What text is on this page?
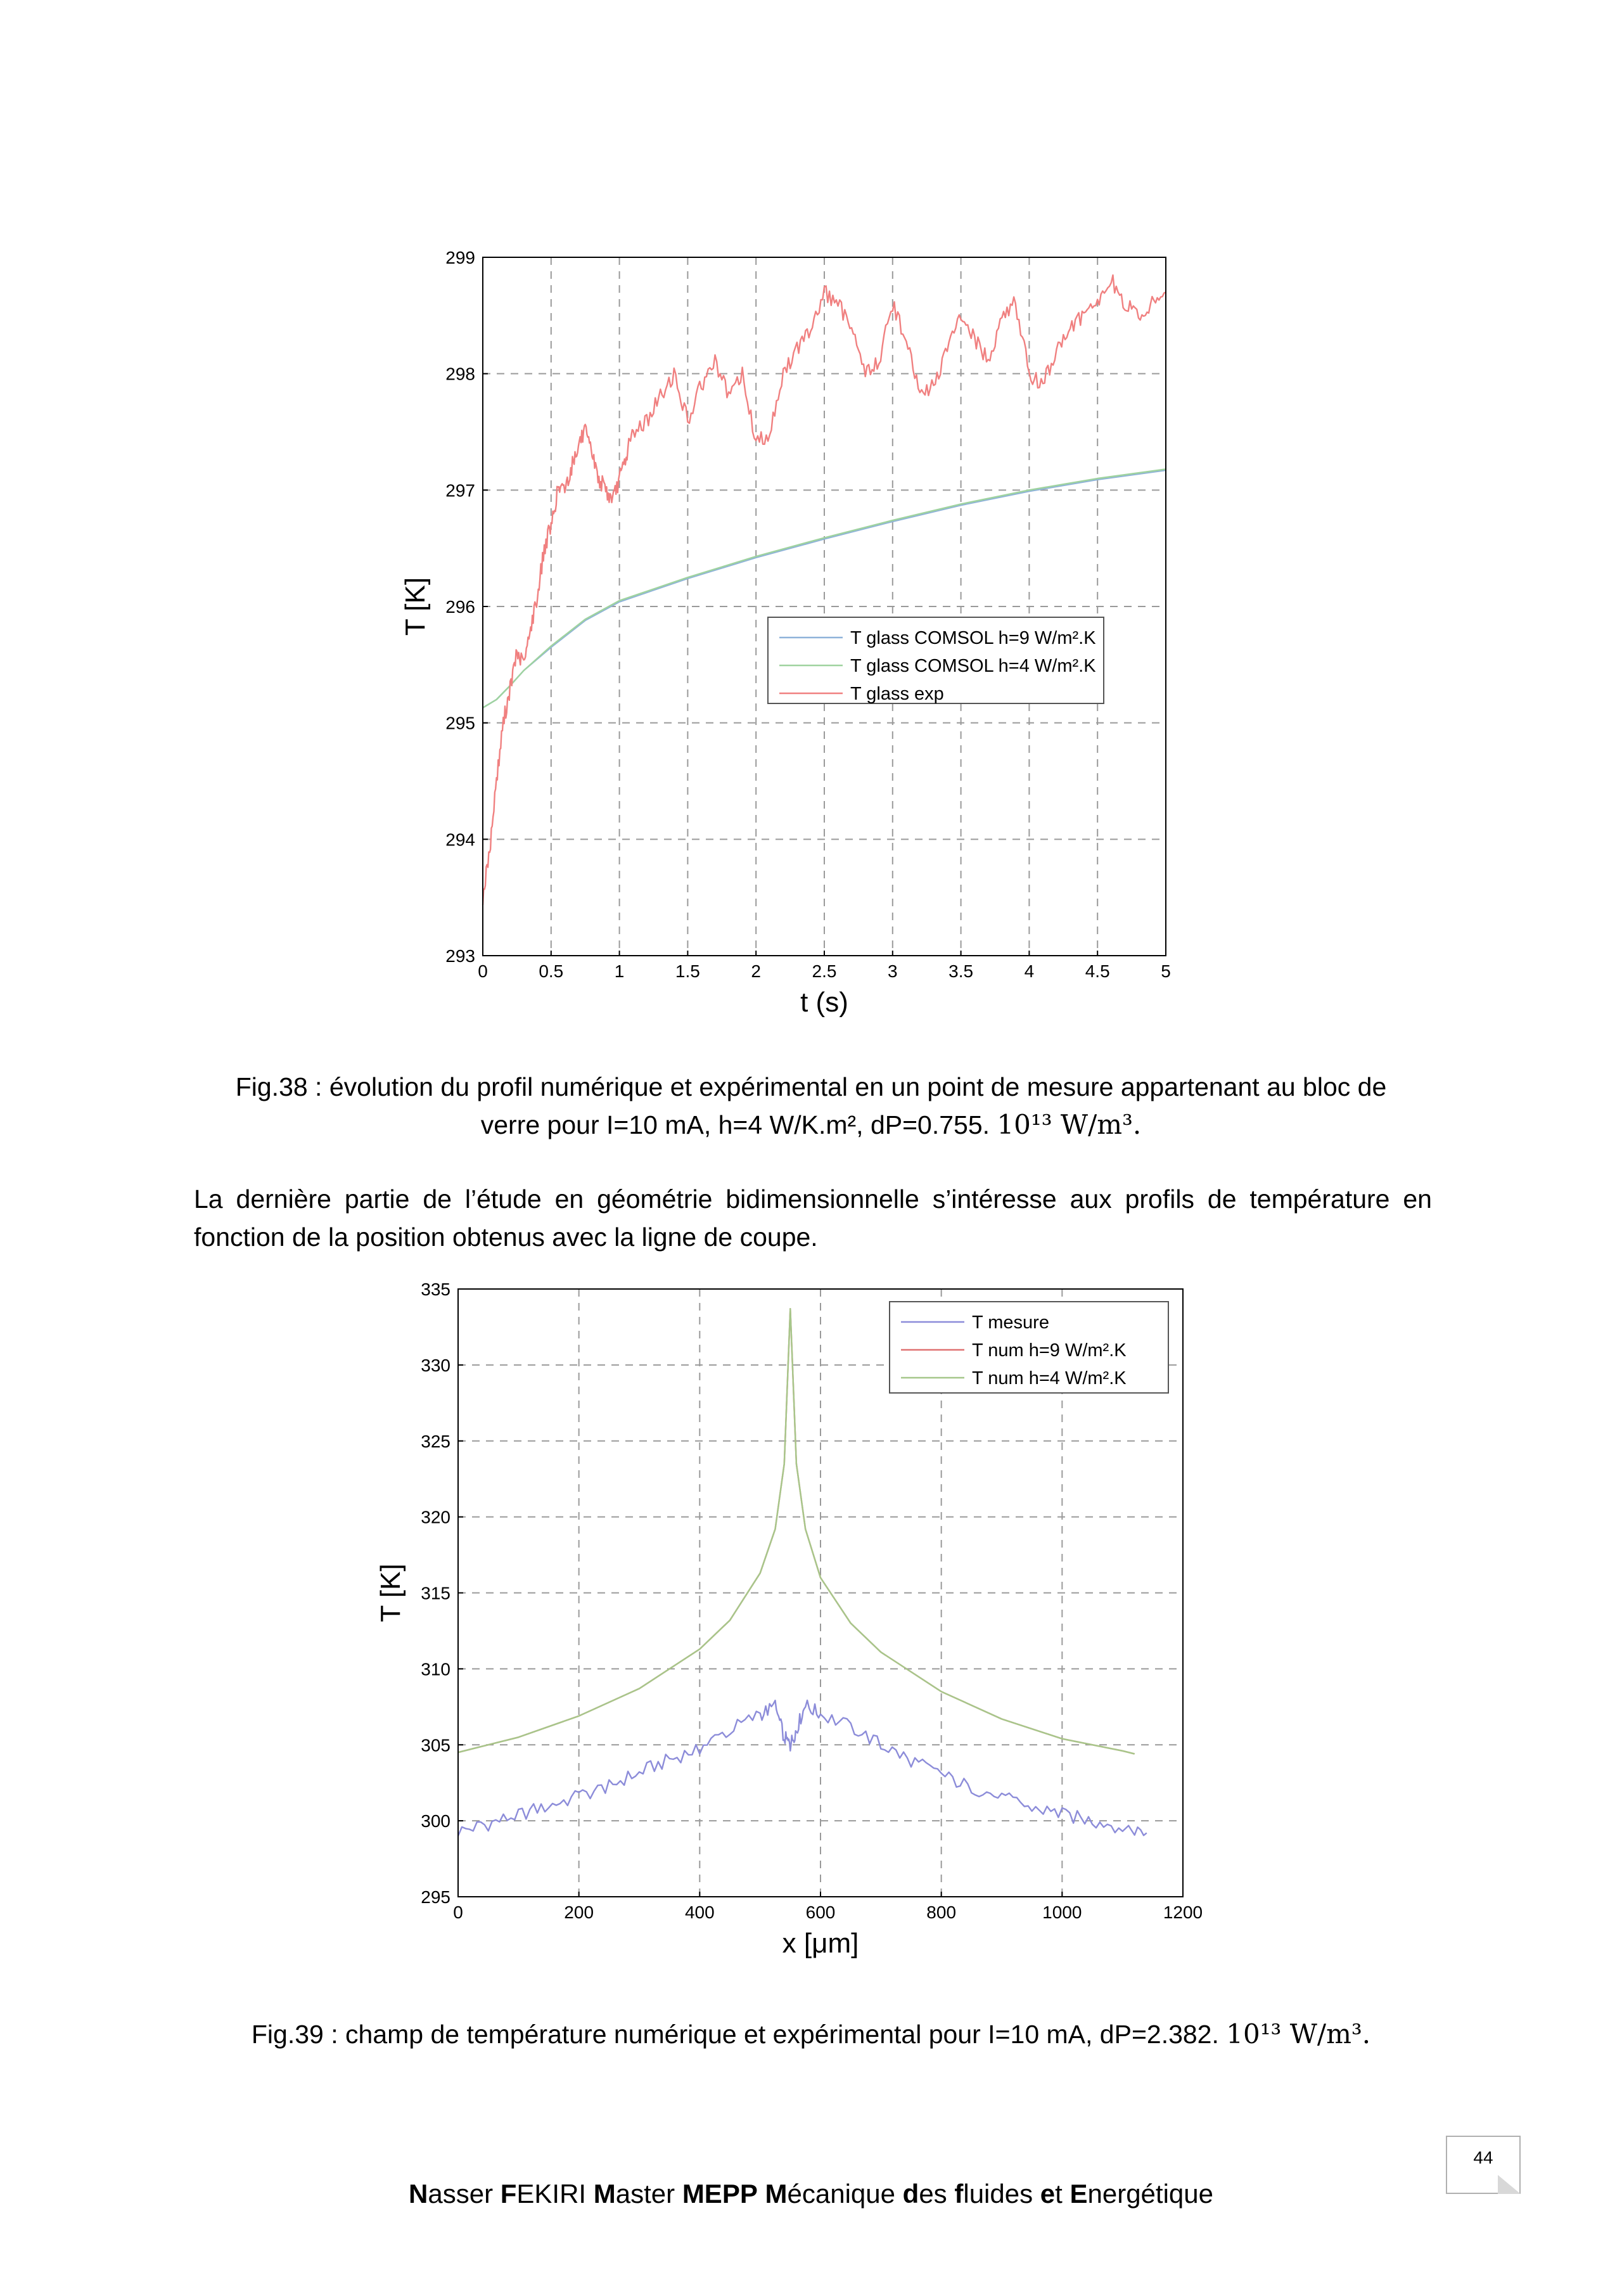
0	0.5	1	1.5	2	2.5	3	3.5	4	4.5	5
293
294
295
296
297
298
299
t (s)
T [K]
T glass COMSOL h=9 W/m².K
T glass COMSOL h=4 W/m².K
T glass exp
Fig.38 : évolution du profil numérique et expérimental en un point de mesure appartenant au bloc de
verre pour I=10 mA, h=4 W/K.m², dP=0.755. 10¹³ W/m³.
La dernière partie de l’étude en géométrie bidimensionnelle s’intéresse aux profils de température en fonction de la position obtenus avec la ligne de coupe.
0	200	400	600	800	1000	1200
295
300
305
310
315
320
325
330
335
x [μm]
T [K]
T mesure
T num h=9 W/m².K
T num h=4 W/m².K
Fig.39 : champ de température numérique et expérimental pour I=10 mA, dP=2.382. 10¹³ W/m³.
44
Nasser FEKIRI Master MEPP Mécanique des fluides et Energétique
